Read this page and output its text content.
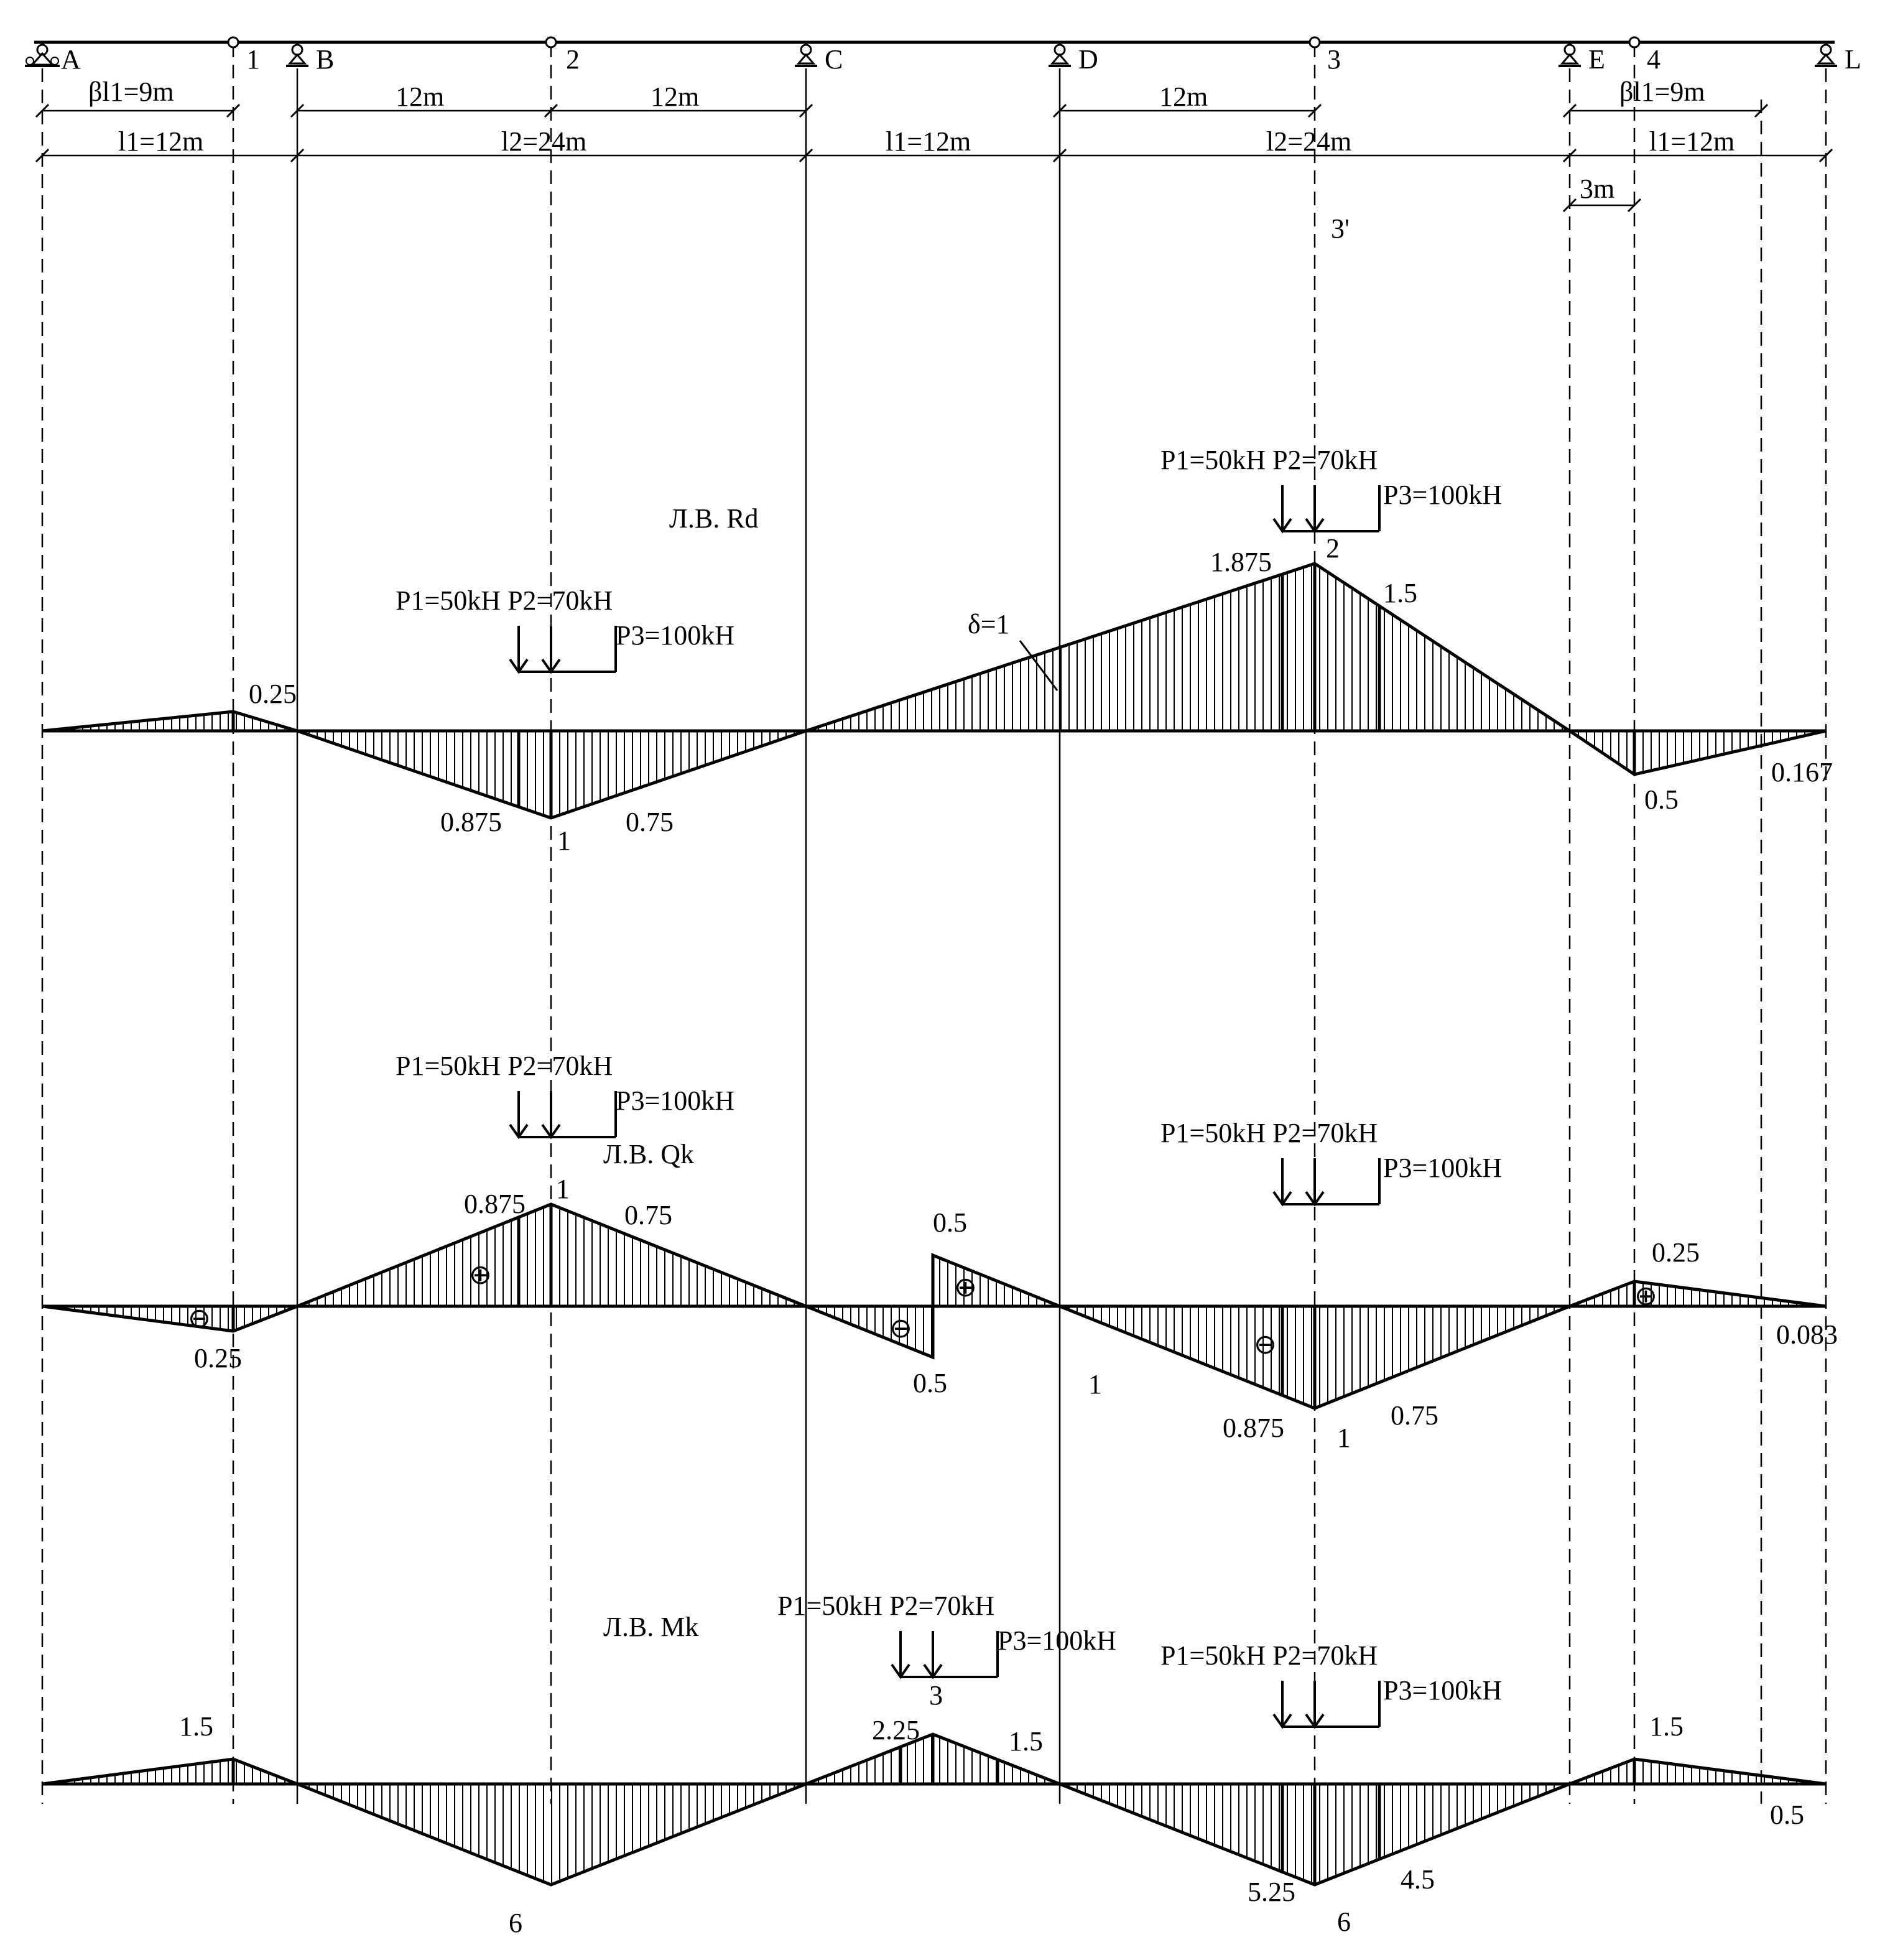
A	B	C	D	E	L
1	2	3	4
βl1=9m	12m	12m	12m	βl1=9m
l1=12m	l2=24m	l1=12m	l2=24m	l1=12m
3m
3'
Л.В. Rd
δ=1
0.25
0.875
1
0.75
1.875 2
1.5
0.5
0.167
Л.В. Qk
⊖
⊕
⊖
⊕
⊖
⊕
0.25
0.875 1
0.75	0.5
0.5	1
0.875 1
0.75
0.25
0.083
Л.В. Mk
1.5
6
2.25
3
1.5
5.25
6
4.5
1.5
0.5
P1=50kH P2=70kH
P3=100kH
P1=50kH P2=70kH
P3=100kH
P1=50kH P2=70kH
P3=100kH
P1=50kH P2=70kH
P3=100kH
P1=50kH P2=70kH
P3=100kH P1=50kH P2=70kH
P3=100kH
